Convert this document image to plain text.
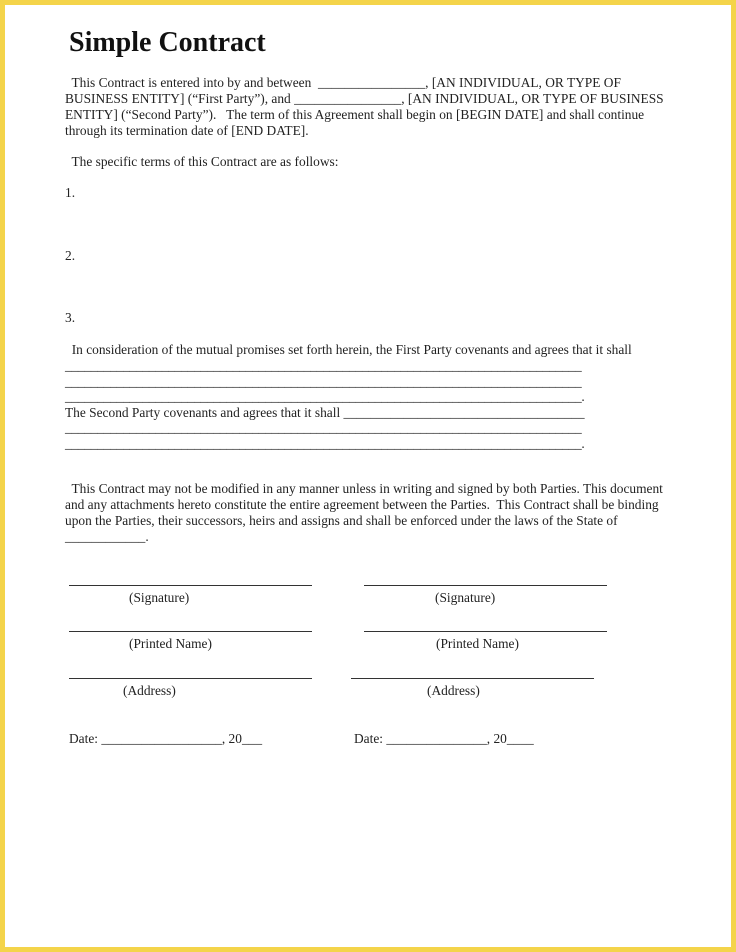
Simple Contract

This Contract is entered into by and between  ________________, [AN INDIVIDUAL, OR TYPE OF

BUSINESS ENTITY] (“First Party”), and ________________, [AN INDIVIDUAL, OR TYPE OF BUSINESS

ENTITY] (“Second Party”).   The term of this Agreement shall begin on [BEGIN DATE] and shall continue

through its termination date of [END DATE].

The specific terms of this Contract are as follows:

1.

2.

3.

In consideration of the mutual promises set forth herein, the First Party covenants and agrees that it shall

________________________________________________________________________________

________________________________________________________________________________

________________________________________________________________________________.

The Second Party covenants and agrees that it shall ____________________________________

________________________________________________________________________________

________________________________________________________________________________.

This Contract may not be modified in any manner unless in writing and signed by both Parties. This document

and any attachments hereto constitute the entire agreement between the Parties.  This Contract shall be binding

upon the Parties, their successors, heirs and assigns and shall be enforced under the laws of the State of

____________.

(Signature)	(Signature)
(Printed Name)	(Printed Name)
(Address)	(Address)

Date: __________________, 20___	Date: _______________, 20____
